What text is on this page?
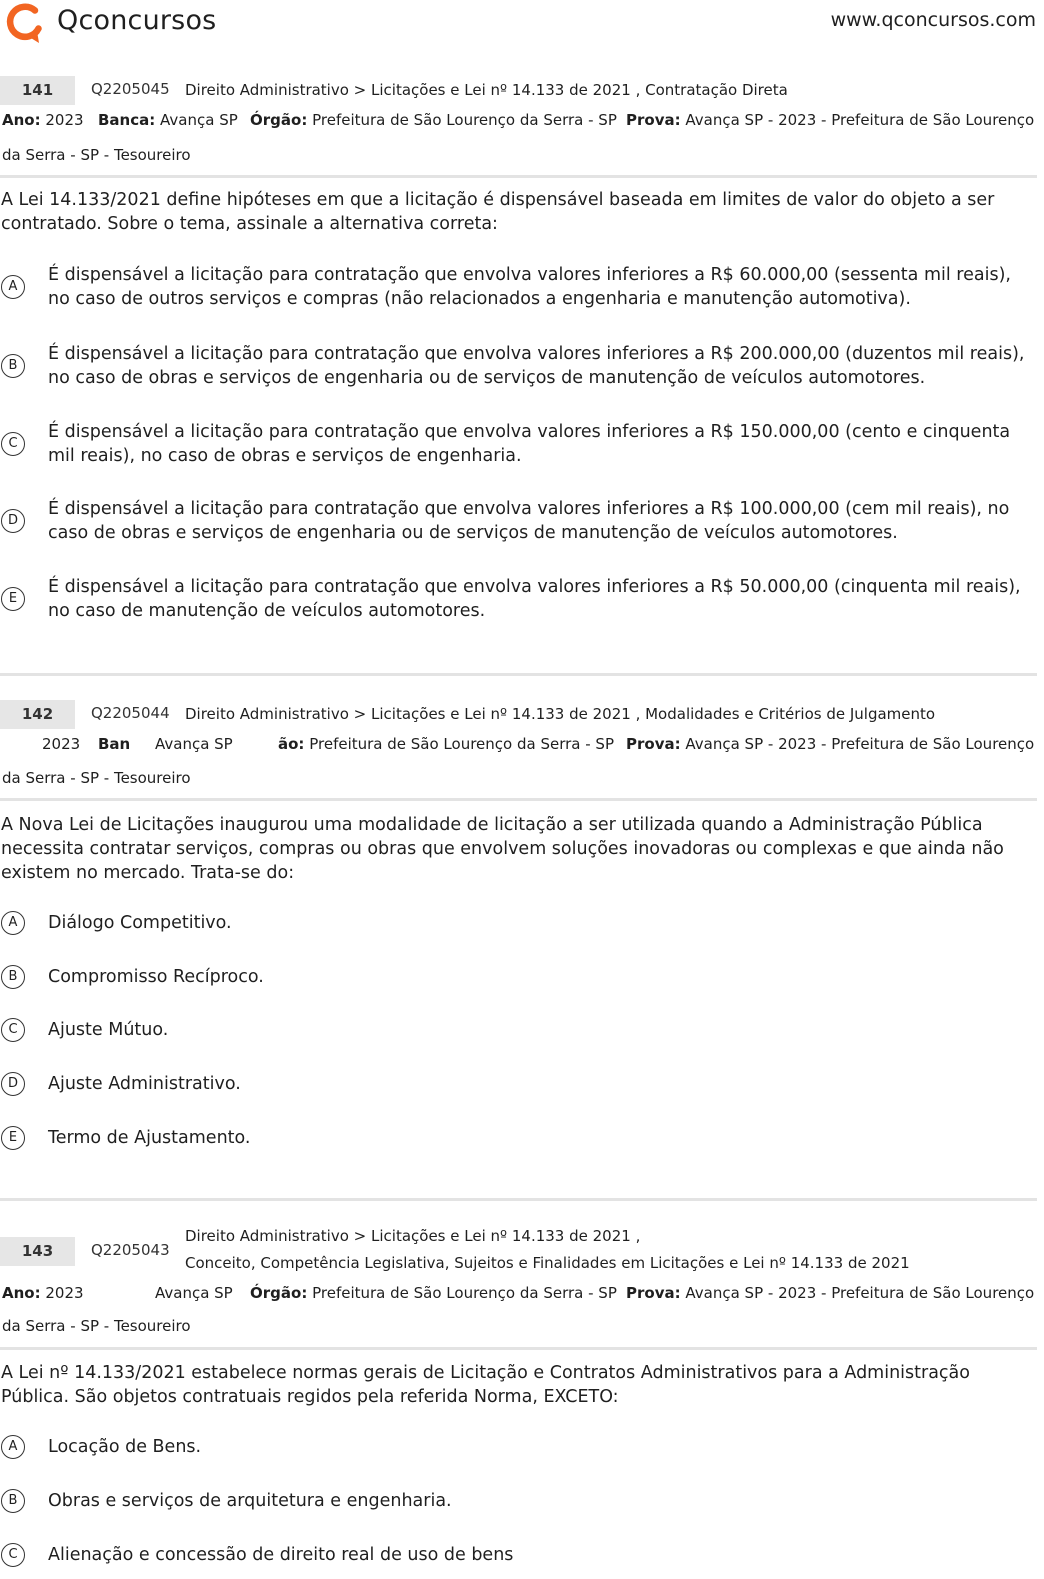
Qconcursos	www.qconcursos.com
141	Q2205045 Direito Administrativo > Licitações e Lei nº 14.133 de 2021 , Contratação Direta
Ano: 2023 Banca: Avança SP Órgão: Prefeitura de São Lourenço da Serra - SP Prova: Avança SP - 2023 - Prefeitura de São Lourenço
da Serra - SP - Tesoureiro
A Lei 14.133/2021 define hipóteses em que a licitação é dispensável baseada em limites de valor do objeto a ser contratado. Sobre o tema, assinale a alternativa correta:
A
É dispensável a licitação para contratação que envolva valores inferiores a R$ 60.000,00 (sessenta mil reais), no caso de outros serviços e compras (não relacionados a engenharia e manutenção automotiva).
B
É dispensável a licitação para contratação que envolva valores inferiores a R$ 200.000,00 (duzentos mil reais), no caso de obras e serviços de engenharia ou de serviços de manutenção de veículos automotores.
C
É dispensável a licitação para contratação que envolva valores inferiores a R$ 150.000,00 (cento e cinquenta mil reais), no caso de obras e serviços de engenharia.
D
É dispensável a licitação para contratação que envolva valores inferiores a R$ 100.000,00 (cem mil reais), no caso de obras e serviços de engenharia ou de serviços de manutenção de veículos automotores.
E
É dispensável a licitação para contratação que envolva valores inferiores a R$ 50.000,00 (cinquenta mil reais), no caso de manutenção de veículos automotores.
142	Q2205044 Direito Administrativo > Licitações e Lei nº 14.133 de 2021 , Modalidades e Critérios de Julgamento
2023 Ban Avança SP	ão: Prefeitura de São Lourenço da Serra - SP Prova: Avança SP - 2023 - Prefeitura de São Lourenço
da Serra - SP - Tesoureiro
A Nova Lei de Licitações inaugurou uma modalidade de licitação a ser utilizada quando a Administração Pública necessita contratar serviços, compras ou obras que envolvem soluções inovadoras ou complexas e que ainda não existem no mercado. Trata-se do:
A	Diálogo Competitivo.
B	Compromisso Recíproco.
C	Ajuste Mútuo.
D	Ajuste Administrativo.
E	Termo de Ajustamento.
143	Q2205043
Direito Administrativo > Licitações e Lei nº 14.133 de 2021 ,
Conceito, Competência Legislativa, Sujeitos e Finalidades em Licitações e Lei nº 14.133 de 2021
Ano: 2023	Avança SP Órgão: Prefeitura de São Lourenço da Serra - SP Prova: Avança SP - 2023 - Prefeitura de São Lourenço
da Serra - SP - Tesoureiro
A Lei nº 14.133/2021 estabelece normas gerais de Licitação e Contratos Administrativos para a Administração Pública. São objetos contratuais regidos pela referida Norma, EXCETO:
A	Locação de Bens.
B	Obras e serviços de arquitetura e engenharia.
C	Alienação e concessão de direito real de uso de bens
